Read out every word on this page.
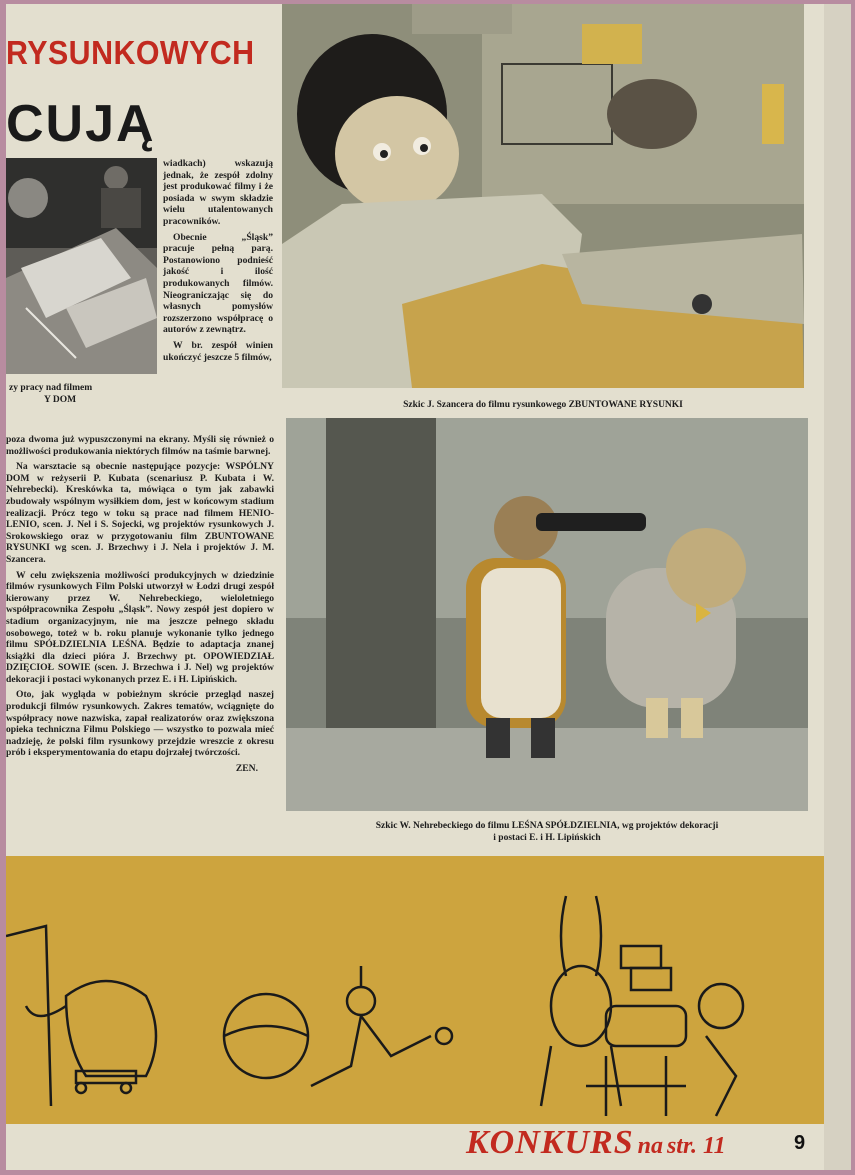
RYSUNKOWYCH
CUJĄ
zy pracy nad filmem
Y DOM

wiadkach) wskazują jednak, że zespół zdolny jest produkować filmy i że posiada w swym składzie wielu utalentowanych pracowników.

Obecnie „Śląsk” pracuje pełną parą. Postanowiono podnieść jakość i ilość produkowanych filmów. Nieograniczając się do własnych pomysłów rozszerzono współpracę o autorów z zewnątrz.

W br. zespół winien ukończyć jeszcze 5 filmów,

poza dwoma już wypuszczonymi na ekrany. Myśli się również o możliwości produkowania niektórych filmów na taśmie barwnej.

Na warsztacie są obecnie następujące pozycje: WSPÓLNY DOM w reżyserii P. Kubata (scenariusz P. Kubata i W. Nehrebecki). Kreskówka ta, mówiąca o tym jak zabawki zbudowały wspólnym wysiłkiem dom, jest w końcowym stadium realizacji. Prócz tego w toku są prace nad filmem HENIO-LENIO, scen. J. Nel i S. Sojecki, wg projektów rysunkowych J. Srokowskiego oraz w przygotowaniu film ZBUNTOWANE RYSUNKI wg scen. J. Brzechwy i J. Nela i projektów J. M. Szancera.

W celu zwiększenia możliwości produkcyjnych w dziedzinie filmów rysunkowych Film Polski utworzył w Łodzi drugi zespół kierowany przez W. Nehrebeckiego, wieloletniego współpracownika Zespołu „Śląsk”. Nowy zespół jest dopiero w stadium organizacyjnym, nie ma jeszcze pełnego składu osobowego, toteż w b. roku planuje wykonanie tylko jednego filmu SPÓŁDZIELNIA LEŚNA. Będzie to adaptacja znanej książki dla dzieci pióra J. Brzechwy pt. OPOWIEDZIAŁ DZIĘCIOŁ SOWIE (scen. J. Brzechwa i J. Nel) wg projektów dekoracji i postaci wykonanych przez E. i H. Lipińskich.

Oto, jak wygląda w pobieżnym skrócie przegląd naszej produkcji filmów rysunkowych. Zakres tematów, wciągnięte do współpracy nowe nazwiska, zapał realizatorów oraz zwiększona opieka techniczna Filmu Polskiego — wszystko to pozwala mieć nadzieję, że polski film rysunkowy przejdzie wreszcie z okresu prób i eksperymentowania do etapu dojrzałej twórczości.

ZEN.
Szkic J. Szancera do filmu rysunkowego ZBUNTOWANE RYSUNKI
Szkic W. Nehrebeckiego do filmu LEŚNA SPÓŁDZIELNIA, wg projektów dekoracji
i postaci E. i H. Lipińskich
KONKURS na str. 11	9
